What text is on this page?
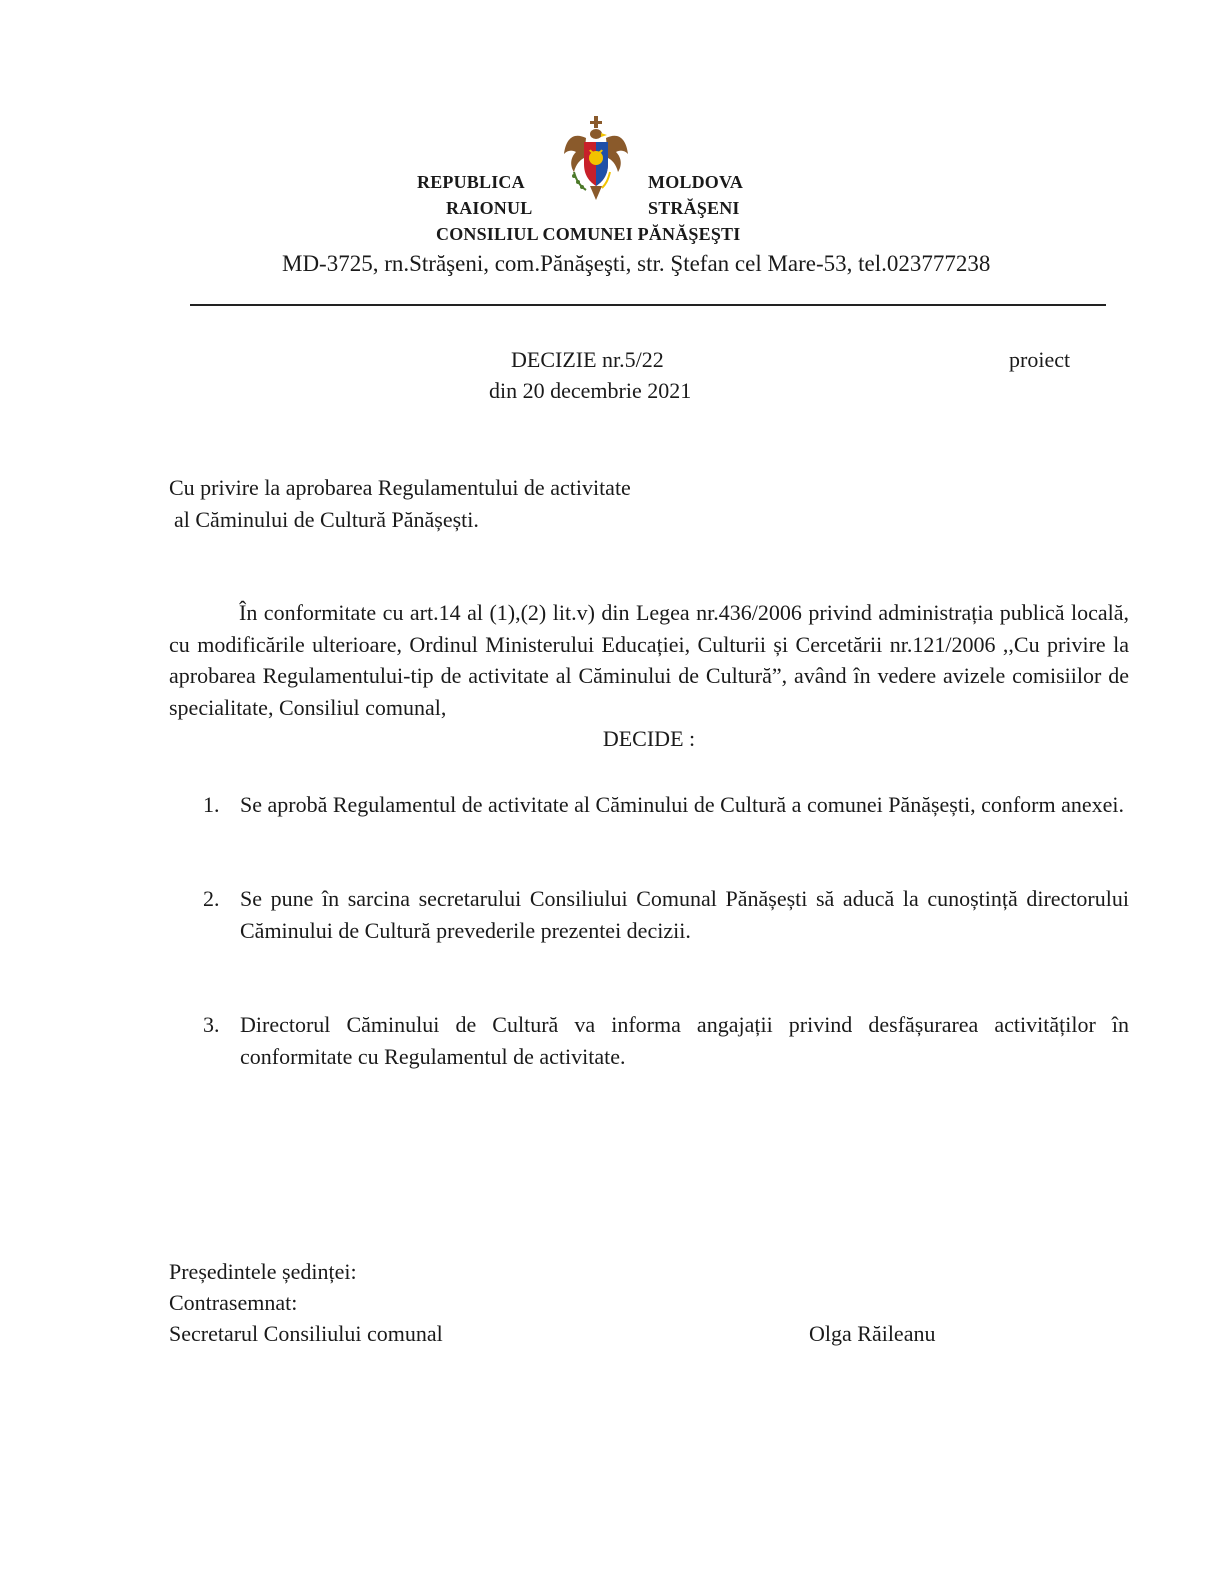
REPUBLICA	MOLDOVA
RAIONUL	STRĂŞENI
CONSILIUL COMUNEI PĂNĂŞEŞTI
MD-3725, rn.Străşeni, com.Pănăşeşti, str. Ştefan cel Mare-53, tel.023777238
DECIZIE nr.5/22	proiect
din 20 decembrie 2021
Cu privire la aprobarea Regulamentului de activitate
al Căminului de Cultură Pănășești.
În conformitate cu art.14 al (1),(2) lit.v) din Legea nr.436/2006 privind administrația publică locală, cu modificările ulterioare, Ordinul Ministerului Educației, Culturii și Cercetării nr.121/2006 ,,Cu privire la aprobarea Regulamentului-tip de activitate al Căminului de Cultură”, având în vedere avizele comisiilor de specialitate, Consiliul comunal,
DECIDE :
1. Se aprobă Regulamentul de activitate al Căminului de Cultură a comunei Pănășești, conform anexei.
2. Se pune în sarcina secretarului Consiliului Comunal Pănășești să aducă la cunoștință directorului Căminului de Cultură prevederile prezentei decizii.
3. Directorul Căminului de Cultură va informa angajații privind desfășurarea activităților în conformitate cu Regulamentul de activitate.
Președintele ședinței:
Contrasemnat:
Secretarul Consiliului comunal	Olga Răileanu
